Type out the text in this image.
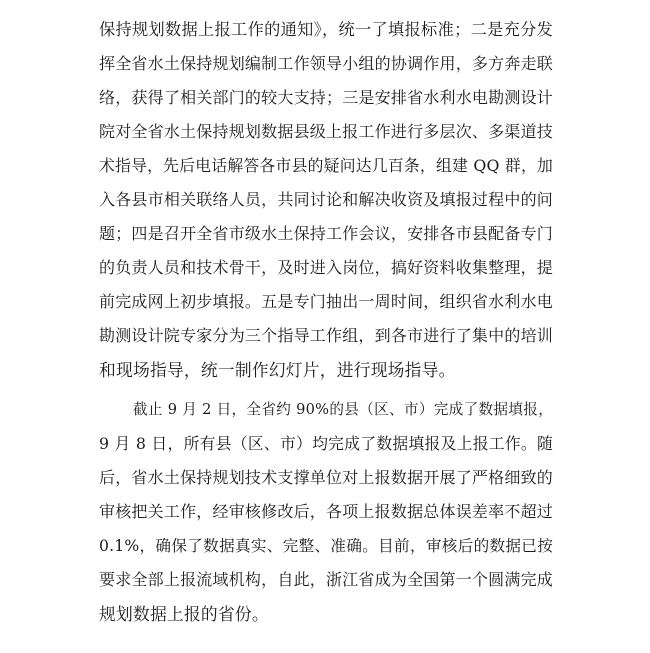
保持规划数据上报工作的通知》，统一了填报标准；二是充分发
挥全省水土保持规划编制工作领导小组的协调作用，多方奔走联
络，获得了相关部门的较大支持；三是安排省水利水电勘测设计
院对全省水土保持规划数据县级上报工作进行多层次、多渠道技
术指导，先后电话解答各市县的疑问达几百条，组建 QQ 群，加
入各县市相关联络人员，共同讨论和解决收资及填报过程中的问
题；四是召开全省市级水土保持工作会议，安排各市县配备专门
的负责人员和技术骨干，及时进入岗位，搞好资料收集整理，提
前完成网上初步填报。五是专门抽出一周时间，组织省水利水电
勘测设计院专家分为三个指导工作组，到各市进行了集中的培训
和现场指导，统一制作幻灯片，进行现场指导。
截止 9 月 2 日，全省约 90%的县（区、市）完成了数据填报，
9 月 8 日，所有县（区、市）均完成了数据填报及上报工作。随
后，省水土保持规划技术支撑单位对上报数据开展了严格细致的
审核把关工作，经审核修改后，各项上报数据总体误差率不超过
0.1%，确保了数据真实、完整、准确。目前，审核后的数据已按
要求全部上报流域机构，自此，浙江省成为全国第一个圆满完成
规划数据上报的省份。
